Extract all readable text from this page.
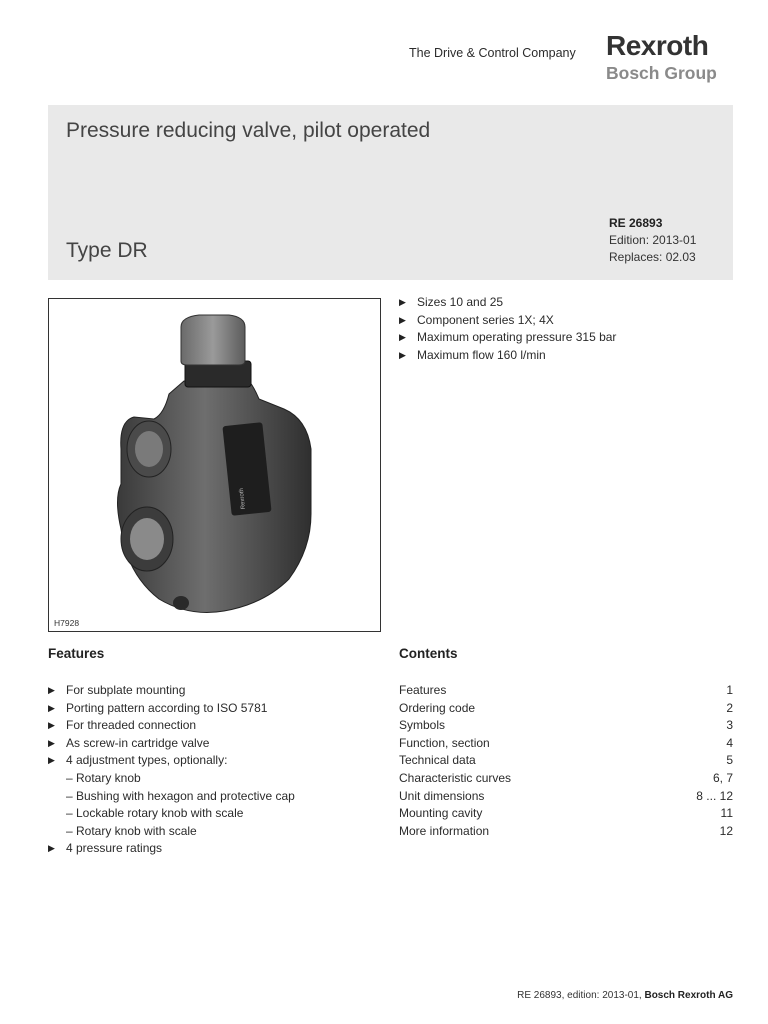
The Drive & Control Company Rexroth
Bosch Group
Pressure reducing valve, pilot operated
Type DR
RE 26893
Edition: 2013-01
Replaces: 02.03
Rexroth
H7928
▶ Sizes 10 and 25
▶ Component series 1X; 4X
▶ Maximum operating pressure 315 bar
▶ Maximum flow 160 l/min
Features	Contents
▶ For subplate mounting
▶ Porting pattern according to ISO 5781
▶ For threaded connection
▶ As screw-in cartridge valve
▶ 4 adjustment types, optionally:
– Rotary knob
– Bushing with hexagon and protective cap
– Lockable rotary knob with scale
– Rotary knob with scale
▶ 4 pressure ratings
Features	1
Ordering code	2
Symbols	3
Function, section	4
Technical data	5
Characteristic curves	6, 7
Unit dimensions	8 ... 12
Mounting cavity	11
More information	12
RE 26893, edition: 2013-01, Bosch Rexroth AG
